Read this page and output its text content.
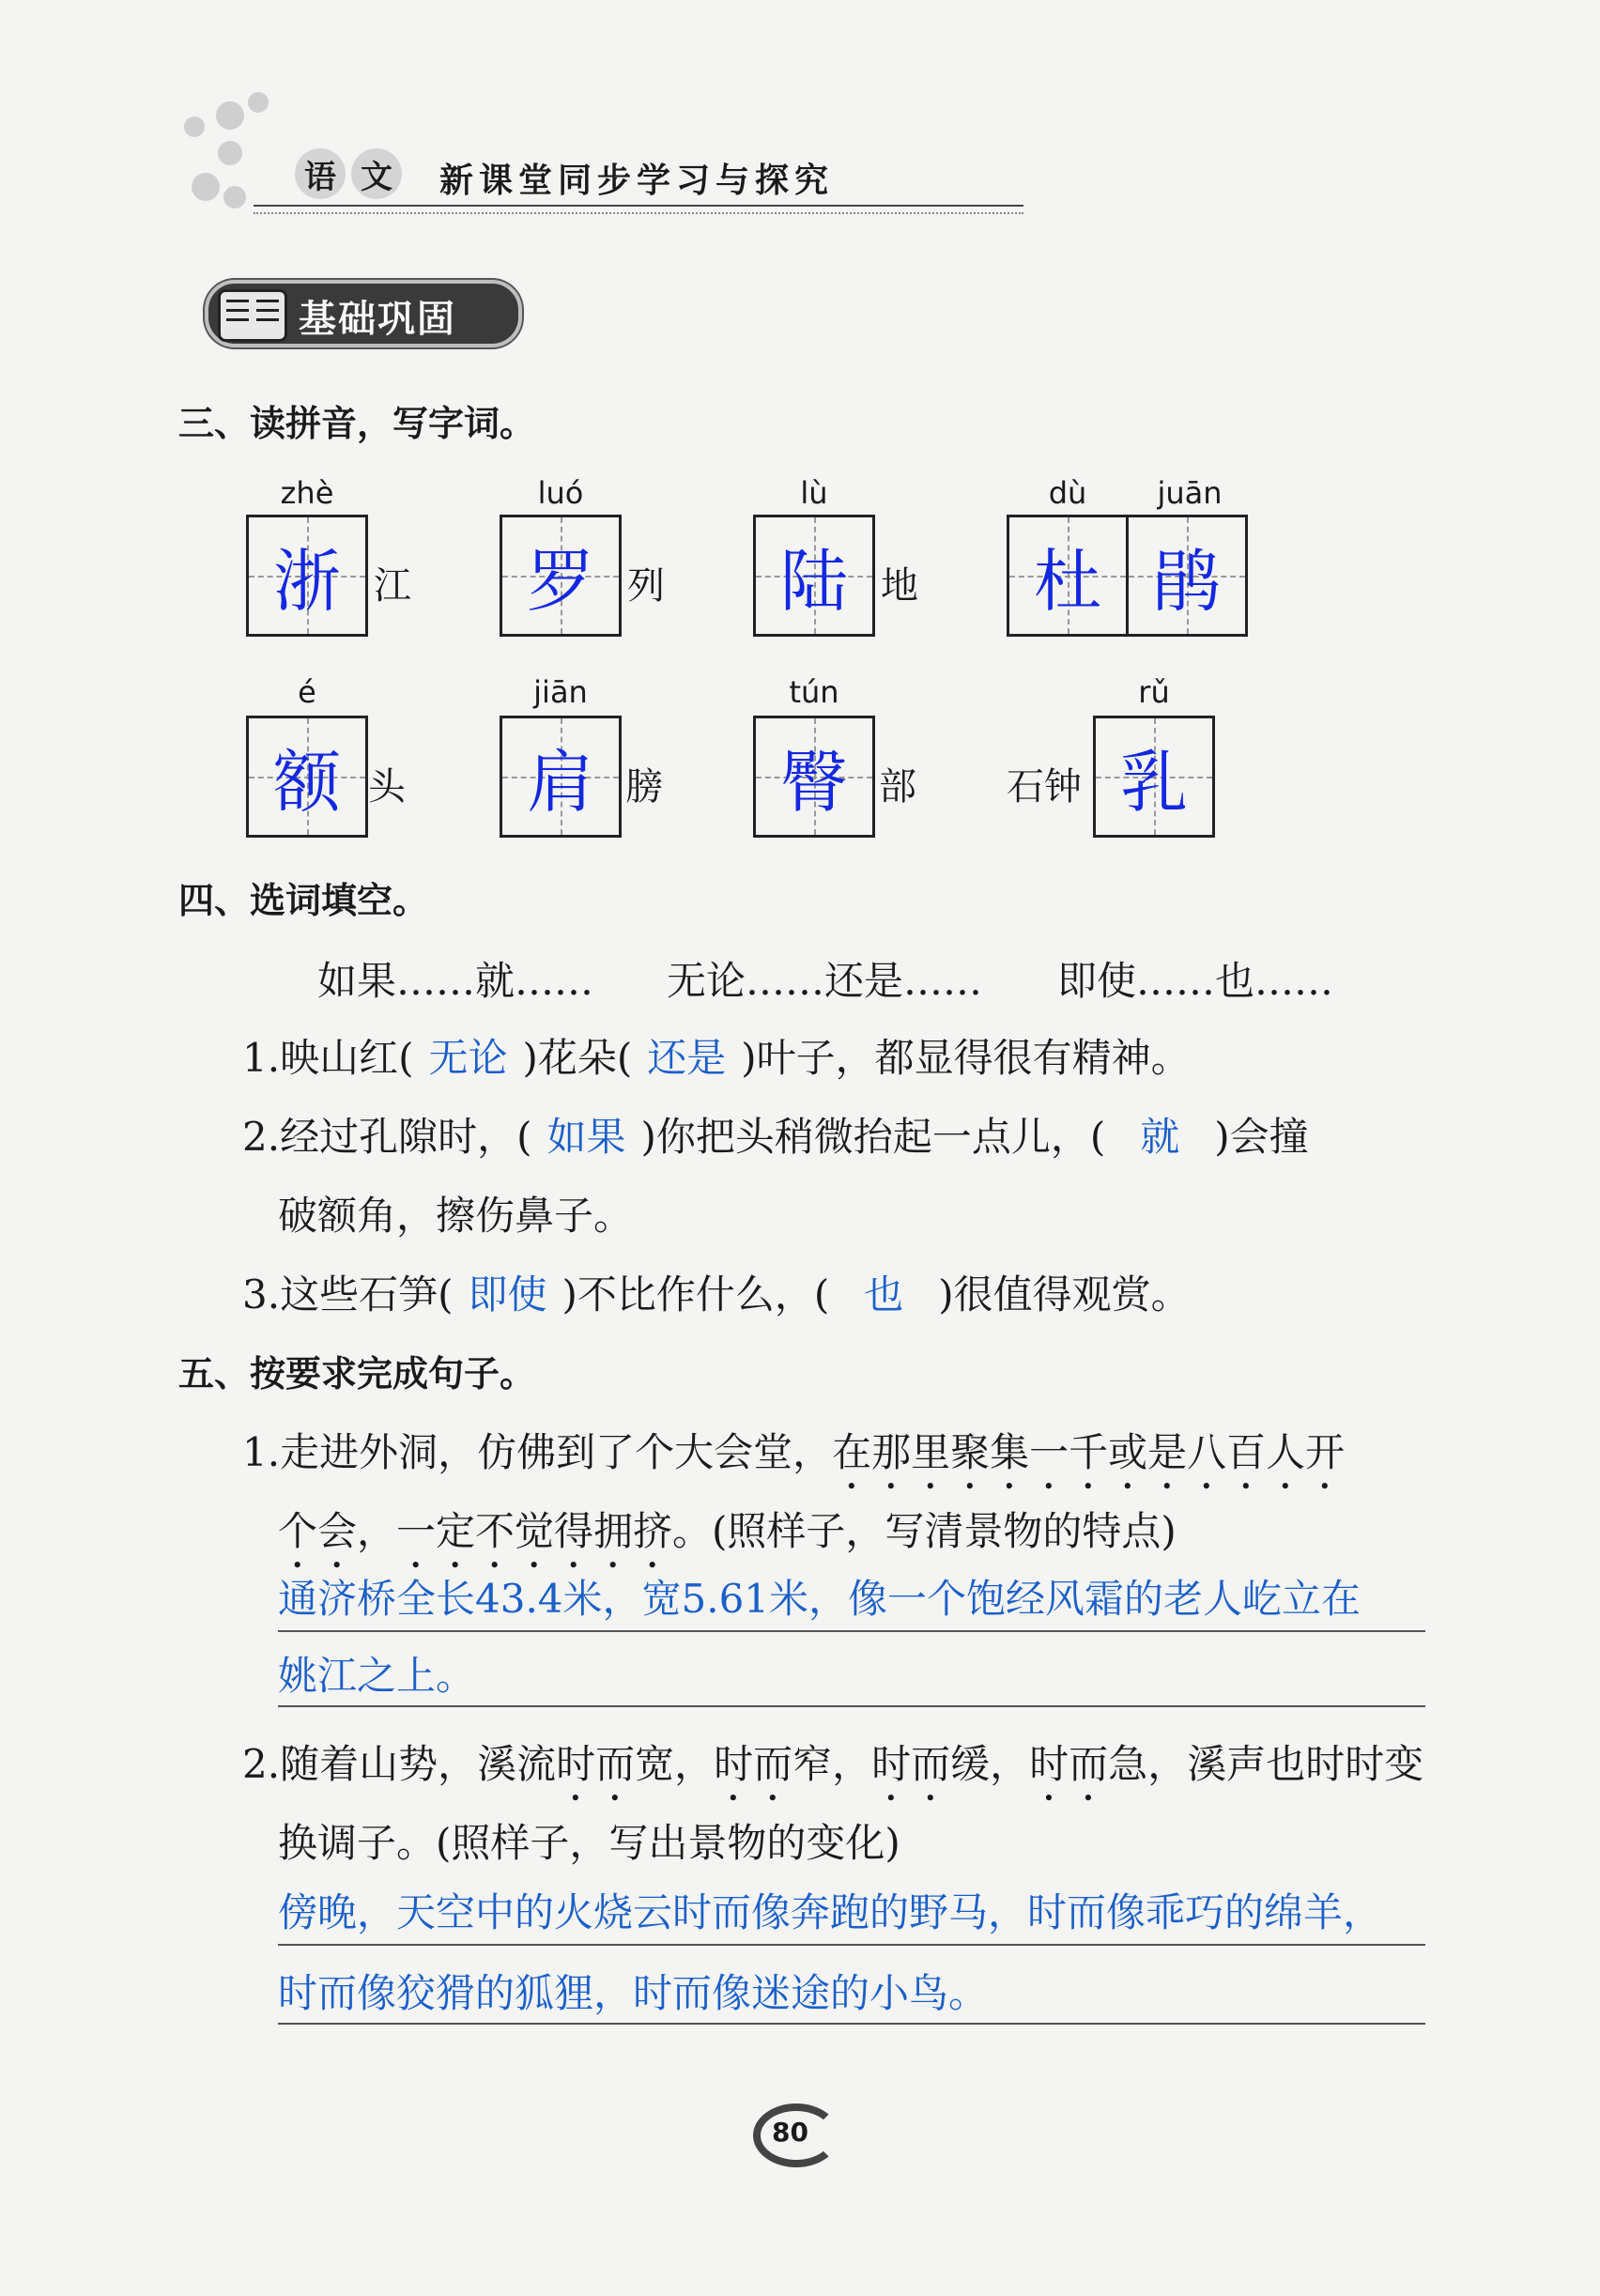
语 文 新课堂同步学习与探究
基础巩固
三、读拼音，写字词。
zhè
浙 江
luó
罗 列
lù
陆 地
dù	juān
杜 鹃
é
额 头
jiān
肩 膀
tún
臀 部 石钟
rǔ
乳
四、选词填空。
如果……就…… 无论……还是…… 即使……也……
1.映山红( 无论 )花朵( 还是 )叶子，都显得很有精神。
2.经过孔隙时，( 如果 )你把头稍微抬起一点儿，( 就 )会撞
破额角，擦伤鼻子。
3.这些石笋( 即使 )不比作什么，( 也 )很值得观赏。
五、按要求完成句子。
1.走进外洞，仿佛到了个大会堂，在那里聚集一千或是八百人开
个会，一定不觉得拥挤。(照样子，写清景物的特点)
通济桥全长43.4米，宽5.61米，像一个饱经风霜的老人屹立在
姚江之上。
2.随着山势，溪流时而宽，时而窄，时而缓，时而急，溪声也时时变
换调子。(照样子，写出景物的变化)
傍晚，天空中的火烧云时而像奔跑的野马，时而像乖巧的绵羊，
时而像狡猾的狐狸，时而像迷途的小鸟。
80
